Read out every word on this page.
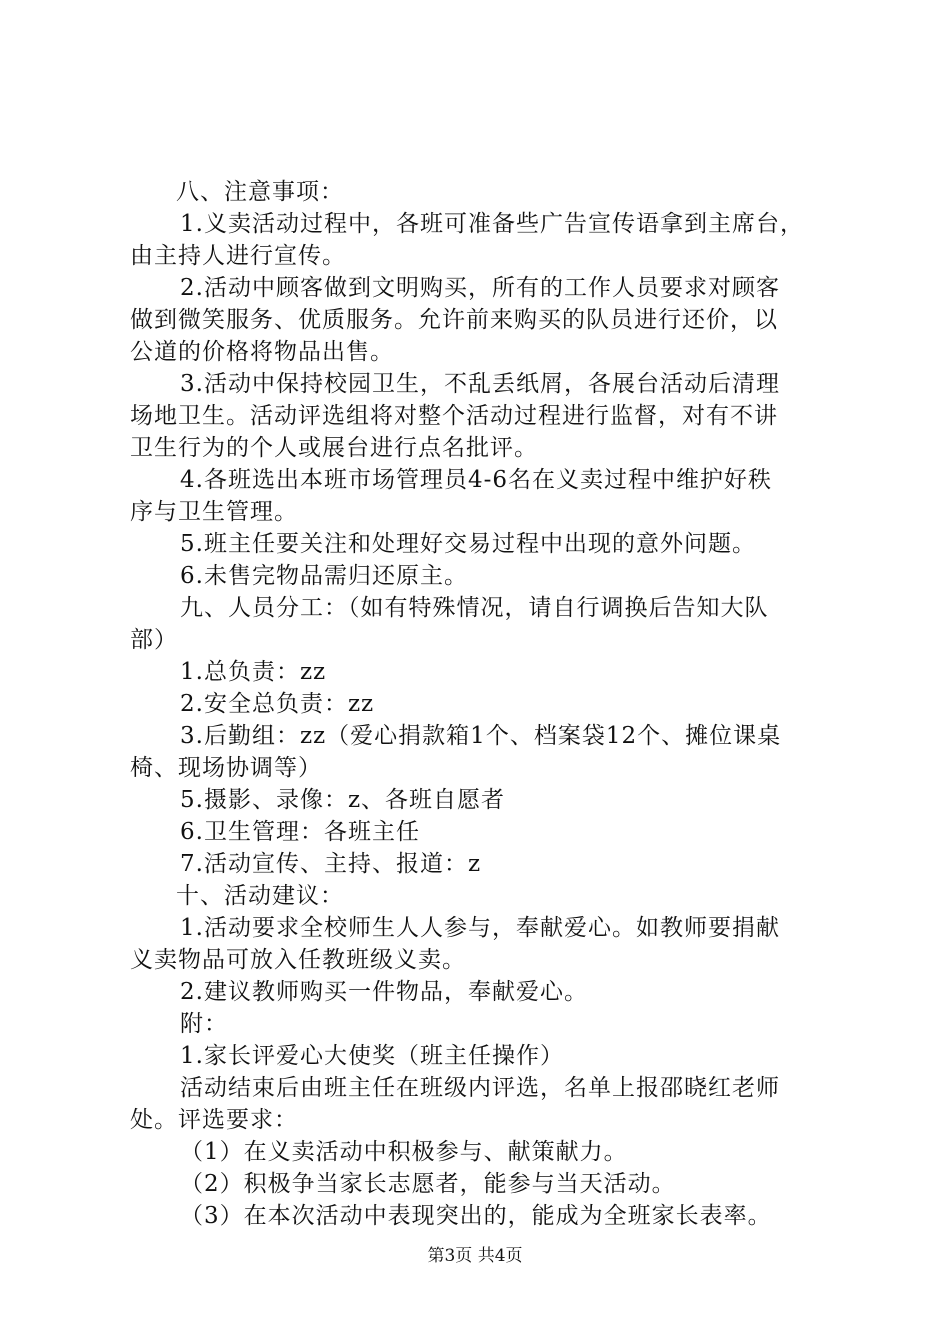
八、注意事项：
1.义卖活动过程中，各班可准备些广告宣传语拿到主席台，
由主持人进行宣传。
2.活动中顾客做到文明购买，所有的工作人员要求对顾客
做到微笑服务、优质服务。允许前来购买的队员进行还价，以
公道的价格将物品出售。
3.活动中保持校园卫生，不乱丢纸屑，各展台活动后清理
场地卫生。活动评选组将对整个活动过程进行监督，对有不讲
卫生行为的个人或展台进行点名批评。
4.各班选出本班市场管理员4-6名在义卖过程中维护好秩
序与卫生管理。
5.班主任要关注和处理好交易过程中出现的意外问题。
6.未售完物品需归还原主。
九、人员分工：（如有特殊情况，请自行调换后告知大队
部）
1.总负责：zz
2.安全总负责：zz
3.后勤组：zz（爱心捐款箱1个、档案袋12个、摊位课桌
椅、现场协调等）
5.摄影、录像：z、各班自愿者
6.卫生管理：各班主任
7.活动宣传、主持、报道：z
十、活动建议：
1.活动要求全校师生人人参与，奉献爱心。如教师要捐献
义卖物品可放入任教班级义卖。
2.建议教师购买一件物品，奉献爱心。
附：
1.家长评爱心大使奖（班主任操作）
活动结束后由班主任在班级内评选，名单上报邵晓红老师
处。评选要求：
（1）在义卖活动中积极参与、献策献力。
（2）积极争当家长志愿者，能参与当天活动。
（3）在本次活动中表现突出的，能成为全班家长表率。
第3页 共4页
